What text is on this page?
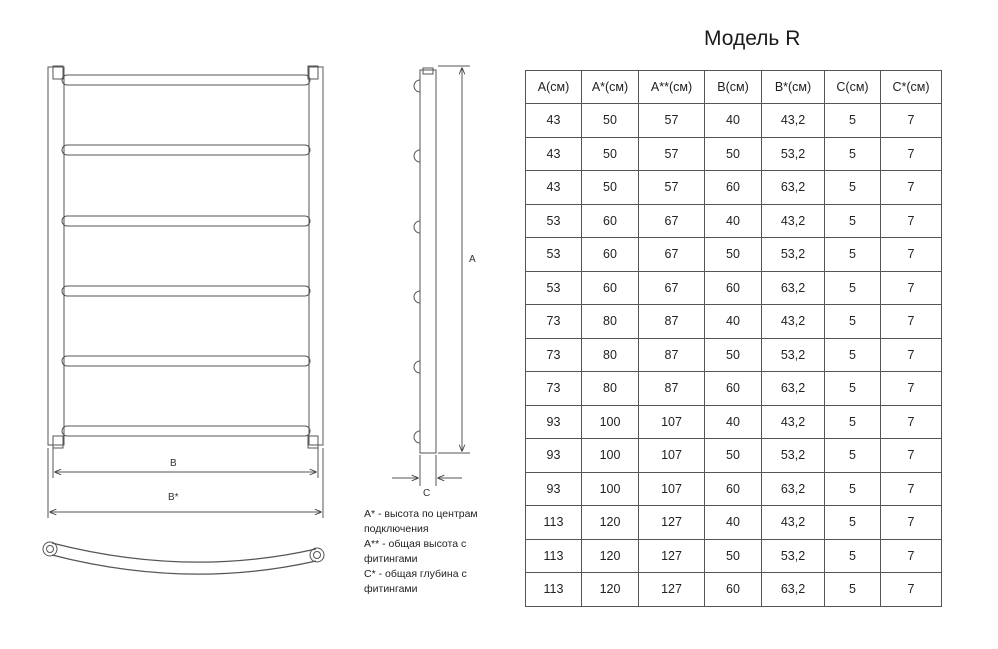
B
B*
A
C
Модель R
А* - высота по центрам
подключения
А** - общая высота с
фитингами
С* - общая глубина с
фитингами
А(см)	А*(см)	А**(см)	В(см)	В*(см)	С(см)	С*(см)
43	50	57	40	43,2	5	7
43	50	57	50	53,2	5	7
43	50	57	60	63,2	5	7
53	60	67	40	43,2	5	7
53	60	67	50	53,2	5	7
53	60	67	60	63,2	5	7
73	80	87	40	43,2	5	7
73	80	87	50	53,2	5	7
73	80	87	60	63,2	5	7
93	100	107	40	43,2	5	7
93	100	107	50	53,2	5	7
93	100	107	60	63,2	5	7
113	120	127	40	43,2	5	7
113	120	127	50	53,2	5	7
113	120	127	60	63,2	5	7
